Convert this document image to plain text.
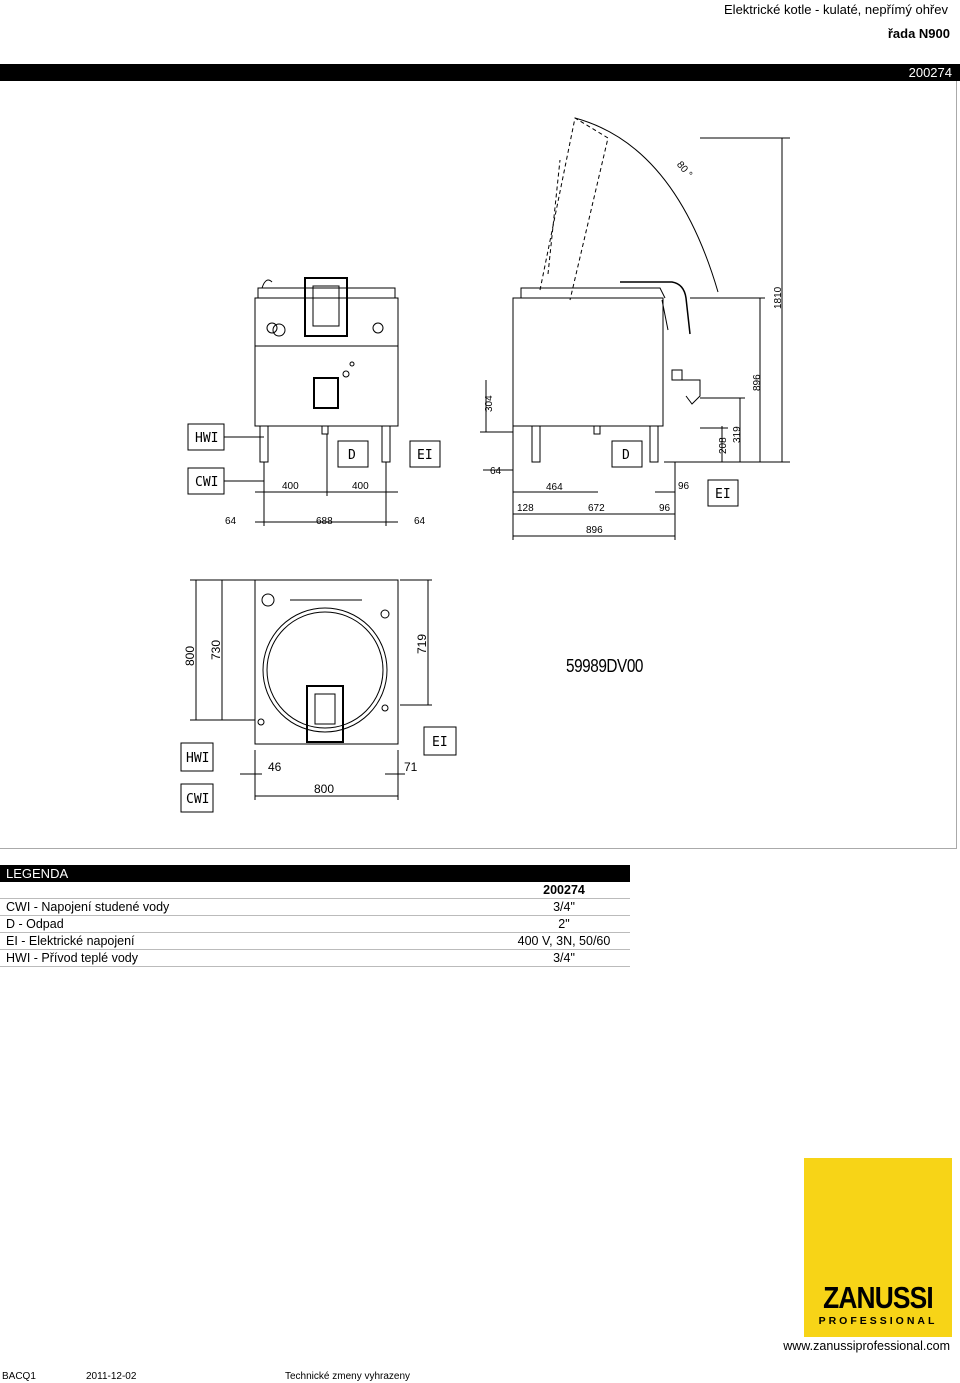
Elektrické kotle - kulaté, nepřímý ohřev
řada N900
200274
HWI
CWI
D	EI
400	400
64	688	64
D
EI
80 °
304
64
464
128	672
896
96
96
208
319
896
1810
HWI
CWI
EI
800 730	719
46
800
71
59989DV00
LEGENDA
	200274
CWI - Napojení studené vody	3/4"
D - Odpad	2"
EI - Elektrické napojení	400 V, 3N, 50/60
HWI - Přívod teplé vody	3/4"
ZANUSSI
PROFESSIONAL
www.zanussiprofessional.com
BACQ1	2011-12-02	Technické zmeny vyhrazeny
